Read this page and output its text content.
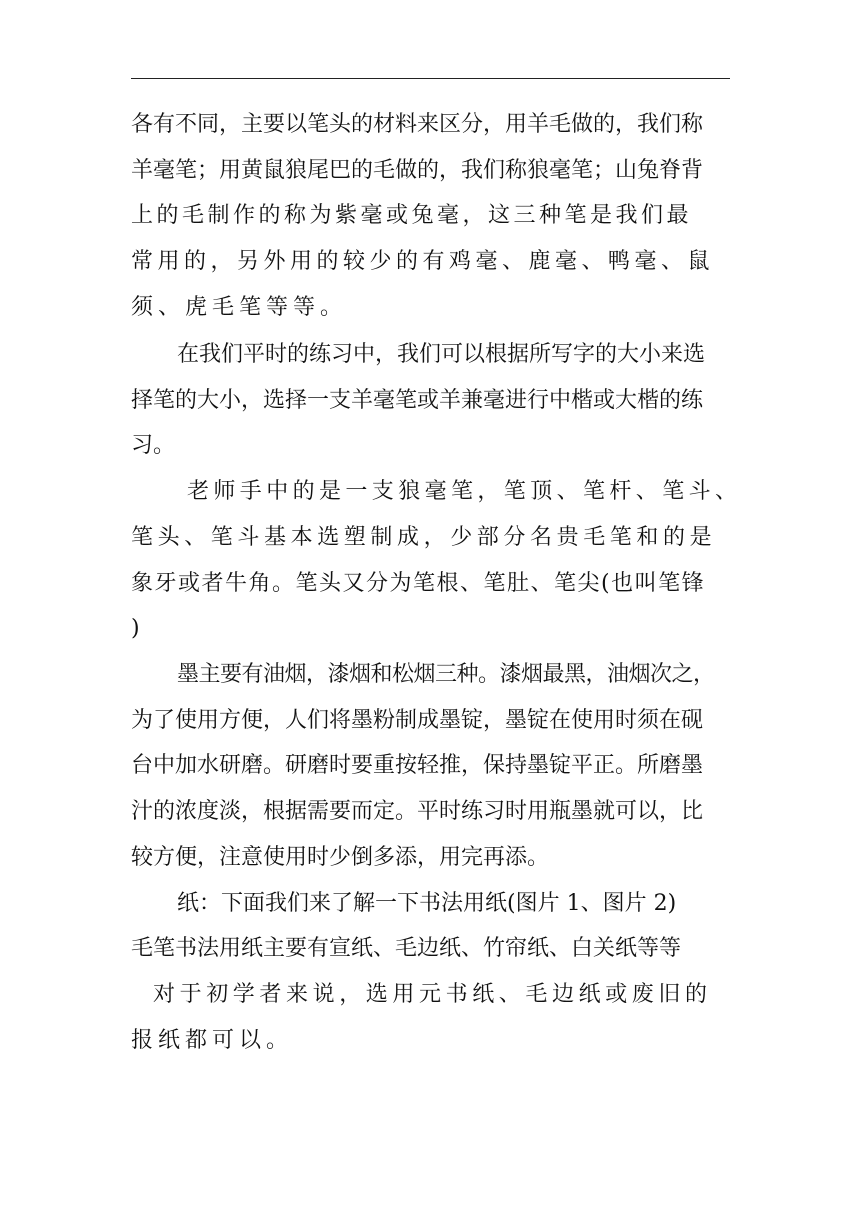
各有不同，主要以笔头的材料来区分，用羊毛做的，我们称
羊毫笔；用黄鼠狼尾巴的毛做的，我们称狼毫笔；山兔脊背
上的毛制作的称为紫毫或兔毫，这三种笔是我们最
常用的，另外用的较少的有鸡毫、鹿毫、鸭毫、鼠
须、虎毛笔等等。
在我们平时的练习中，我们可以根据所写字的大小来选
择笔的大小，选择一支羊毫笔或羊兼毫进行中楷或大楷的练
习。
老师手中的是一支狼毫笔，笔顶、笔杆、笔斗、
笔头、笔斗基本选塑制成，少部分名贵毛笔和的是
象牙或者牛角。笔头又分为笔根、笔肚、笔尖(也叫笔锋
)
墨主要有油烟，漆烟和松烟三种。漆烟最黑，油烟次之，
为了使用方便，人们将墨粉制成墨锭，墨锭在使用时须在砚
台中加水研磨。研磨时要重按轻推，保持墨锭平正。所磨墨
汁的浓度淡，根据需要而定。平时练习时用瓶墨就可以，比
较方便，注意使用时少倒多添，用完再添。
纸：下面我们来了解一下书法用纸(图片 1、图片 2)
毛笔书法用纸主要有宣纸、毛边纸、竹帘纸、白关纸等等
对于初学者来说，选用元书纸、毛边纸或废旧的
报纸都可以。
